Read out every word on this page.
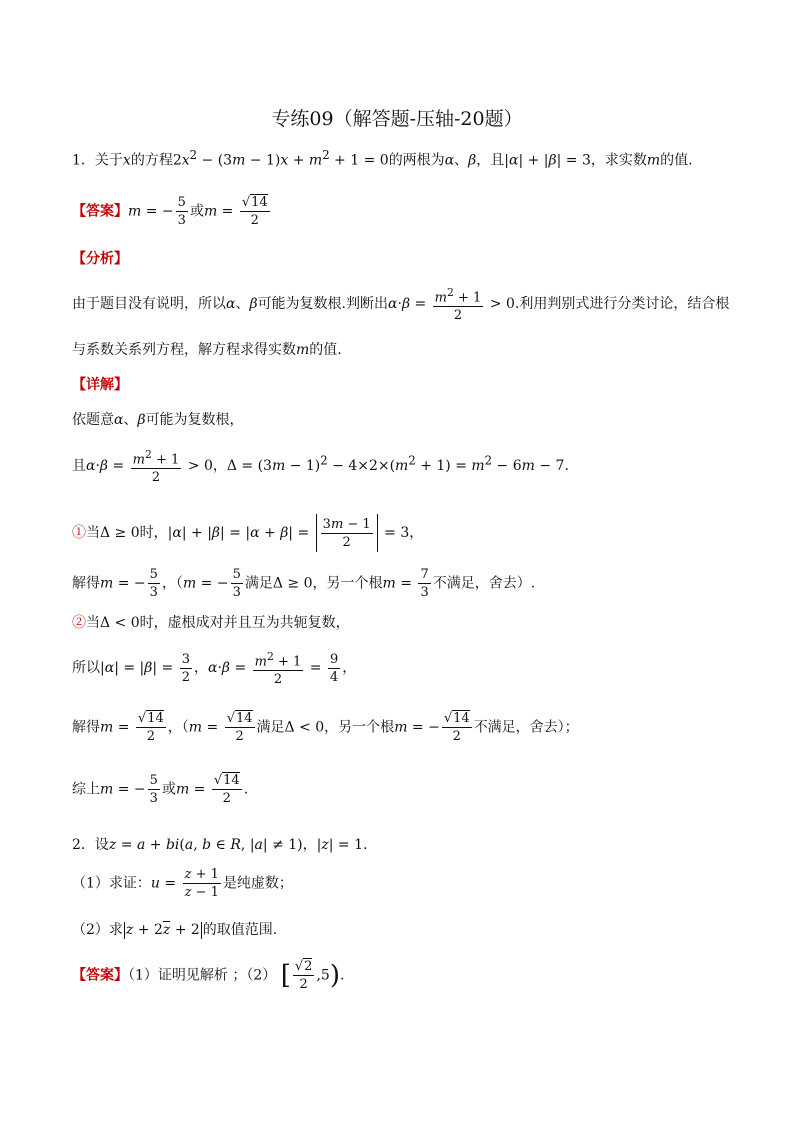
专练09（解答题-压轴-20题）
1．关于x的方程$2x^2 - (3m - 1)x + m^2 + 1 = 0$的两根为α、β，且|α| + |β| = 3，求实数m的值.
【答案】m = − $\frac{5}{3}$ 或$m = \frac{√14}{2}$
【分析】
由于题目没有说明，所以α、β可能为复数根.判断出$\alpha\cdot\beta = \frac{m^2 + 1}{2} > 0$.利用判别式进行分类讨论，结合根
与系数关系列方程，解方程求得实数m的值.
【详解】
依题意α、β可能为复数根，
且$\alpha\cdot\beta = \frac{m^2 + 1}{2} > 0$，$\Delta = (3m - 1)^2 - 4\times 2\times(m^2 + 1) = m^2 - 6m - 7$.
①当Δ ≥ 0时，$|\alpha| + |\beta| = |\alpha + \beta| = \frac{3m - 1}{2} = 3$，
解得m = − $\frac{5}{3}$ ，（m = − $\frac{5}{3}$ 满足Δ ≥ 0，另一个根$m = \frac{7}{3}$ 不满足，舍去）.
②当Δ < 0时，虚根成对并且互为共轭复数，
所以$|\alpha| = |\beta| = \frac{3}{2}$ ，$\alpha\cdot\beta = \frac{m^2 + 1}{2} = \frac{9}{4}$ ，
解得$m = \frac{√14}{2}$ ，（$m = \frac{√14}{2}$ 满足Δ < 0，另一个根m = − $\frac{√14}{2}$ 不满足，舍去）；
综上m = − $\frac{5}{3}$ 或$m = \frac{√14}{2}$ .
2．设z = a + bi(a, b ∈ R, |a| ≠ 1)，|z| = 1.
（1）求证：$u = \frac{z + 1}{z - 1}$ 是纯虚数；
（2）求 $z + 2\overline{z} + 2$ 的取值范围.
【答案】（1）证明见解析 ；（2） [ $\frac{√2}{2} ,5$).
